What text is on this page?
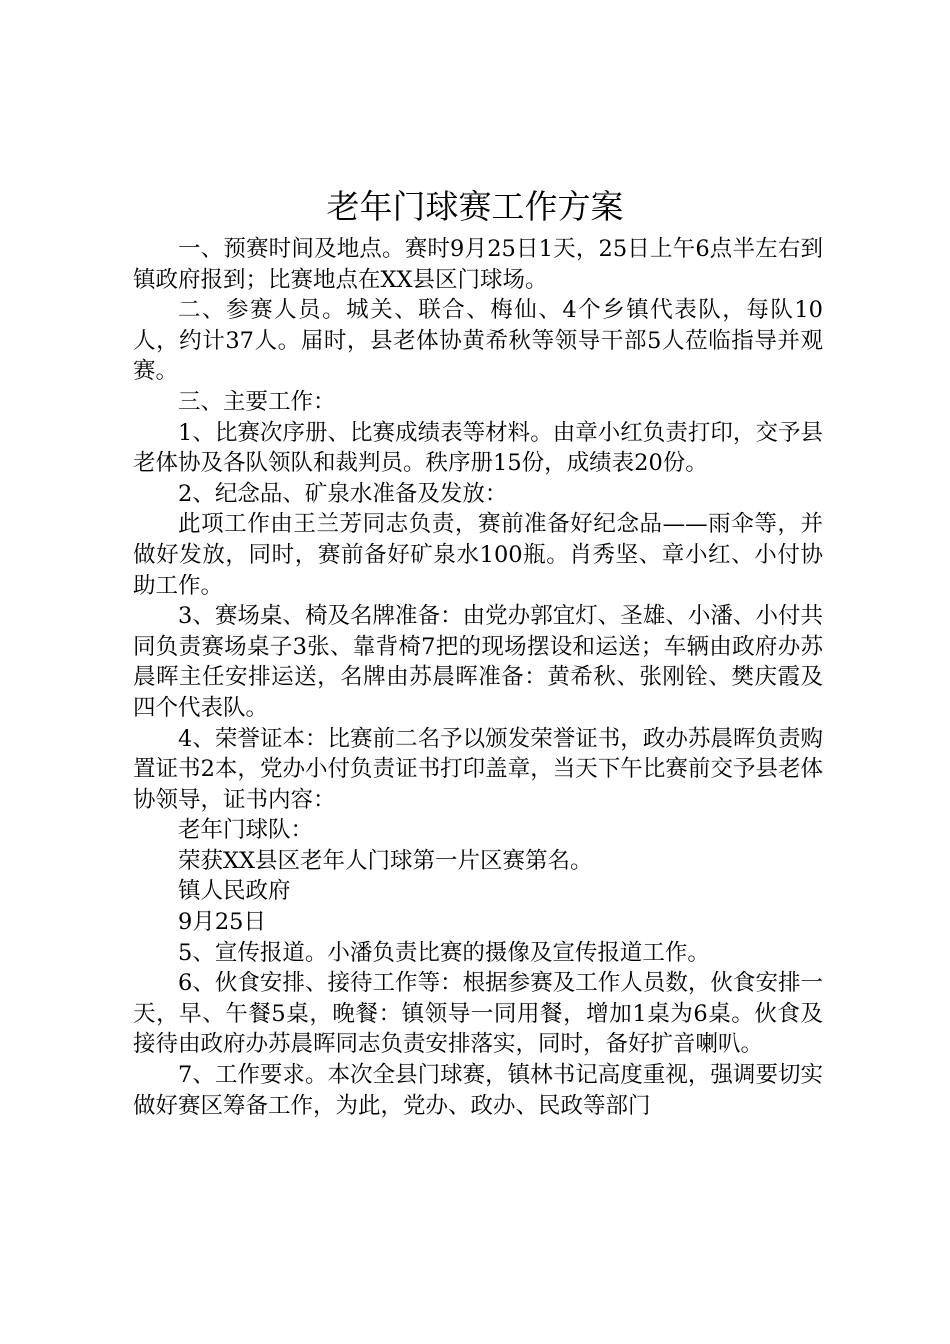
老年门球赛工作方案

一、预赛时间及地点。赛时9月25日1天，25日上午6点半左右到镇政府报到；比赛地点在XX县区门球场。

二、参赛人员。城关、联合、梅仙、4个乡镇代表队，每队10人，约计37人。届时，县老体协黄希秋等领导干部5人莅临指导并观赛。

三、主要工作：

1、比赛次序册、比赛成绩表等材料。由章小红负责打印，交予县老体协及各队领队和裁判员。秩序册15份，成绩表20份。

2、纪念品、矿泉水准备及发放：

此项工作由王兰芳同志负责，赛前准备好纪念品——雨伞等，并做好发放，同时，赛前备好矿泉水100瓶。肖秀坚、章小红、小付协助工作。

3、赛场桌、椅及名牌准备：由党办郭宜灯、圣雄、小潘、小付共同负责赛场桌子3张、靠背椅7把的现场摆设和运送；车辆由政府办苏晨晖主任安排运送，名牌由苏晨晖准备：黄希秋、张刚铨、樊庆霞及四个代表队。

4、荣誉证本：比赛前二名予以颁发荣誉证书，政办苏晨晖负责购置证书2本，党办小付负责证书打印盖章，当天下午比赛前交予县老体协领导，证书内容：

老年门球队：

荣获XX县区老年人门球第一片区赛第名。

镇人民政府

9月25日

5、宣传报道。小潘负责比赛的摄像及宣传报道工作。

6、伙食安排、接待工作等：根据参赛及工作人员数，伙食安排一天，早、午餐5桌，晚餐：镇领导一同用餐，增加1桌为6桌。伙食及接待由政府办苏晨晖同志负责安排落实，同时，备好扩音喇叭。

7、工作要求。本次全县门球赛，镇林书记高度重视，强调要切实做好赛区筹备工作，为此，党办、政办、民政等部门
